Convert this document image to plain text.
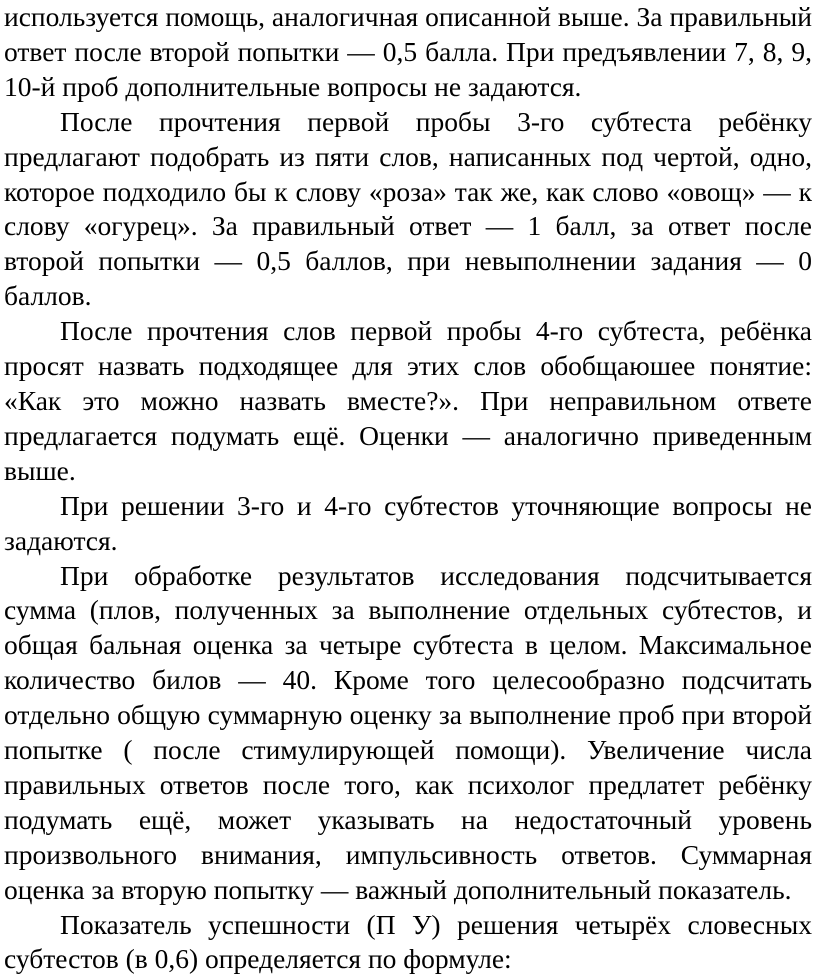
используется помощь, аналогичная описанной выше. За правильный ответ после второй попытки — 0,5 балла. При предъявлении 7, 8, 9, 10-й проб дополнительные вопросы не задаются.

После прочтения первой пробы 3-го субтеста ребёнку предлагают подобрать из пяти слов, написанных под чертой, одно, которое подходило бы к слову «роза» так же, как слово «овощ» — к слову «огурец». За правильный ответ — 1 балл, за ответ после второй попытки — 0,5 баллов, при невыполнении задания — 0 баллов.

После прочтения слов первой пробы 4-го субтеста, ребёнка просят назвать подходящее для этих слов обобщаюшее понятие: «Как это можно назвать вместе?». При неправильном ответе предлагается подумать ещё. Оценки — аналогично приведенным выше.

При решении 3-го и 4-го субтестов уточняющие вопросы не задаются.

При обработке результатов исследования подсчитывается сумма (плов, полученных за выполнение отдельных субтестов, и общая бальная оценка за четыре субтеста в целом. Максимальное количество билов — 40. Кроме того целесообразно подсчитать отдельно общую суммарную оценку за выполнение проб при второй попытке ( после стимулирующей помощи). Увеличение числа правильных ответов после того, как психолог предлатет ребёнку подумать ещё, может указывать на недостаточный уровень произвольного внимания, импульсивность ответов. Суммарная оценка за вторую попытку — важный дополнительный показатель.

Показатель успешности (П У) решения четырёх словесных субтестов (в 0,6) определяется по формуле:
